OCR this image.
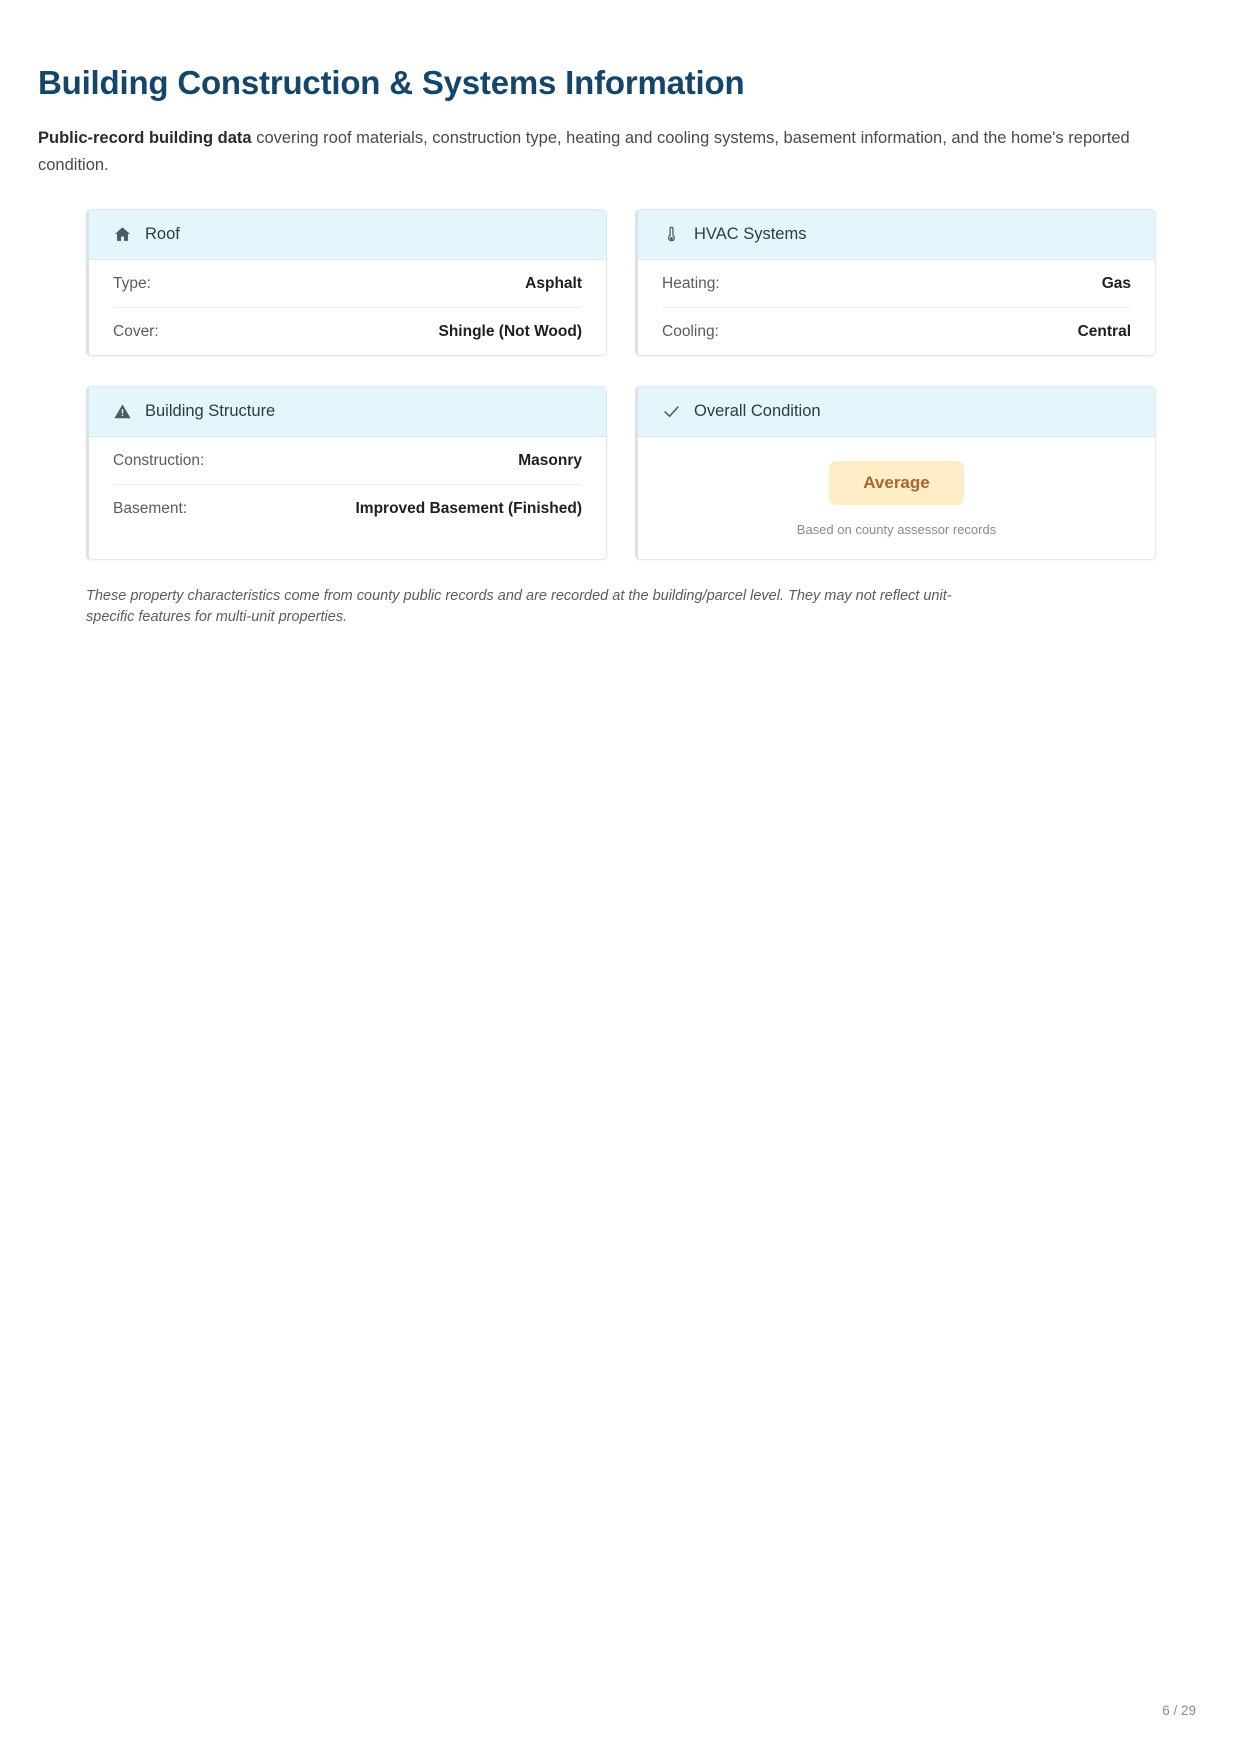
Building Construction & Systems Information

Public-record building data covering roof materials, construction type, heating and cooling systems, basement information, and the home's reported condition.

Roof
Type:	Asphalt
Cover:	Shingle (Not Wood)
HVAC Systems
Heating:	Gas
Cooling:	Central
Building Structure
Construction:	Masonry
Basement:	Improved Basement (Finished)
Overall Condition
Average
Based on county assessor records

These property characteristics come from county public records and are recorded at the building/parcel level. They may not reflect unit-specific features for multi-unit properties.

6 / 29
